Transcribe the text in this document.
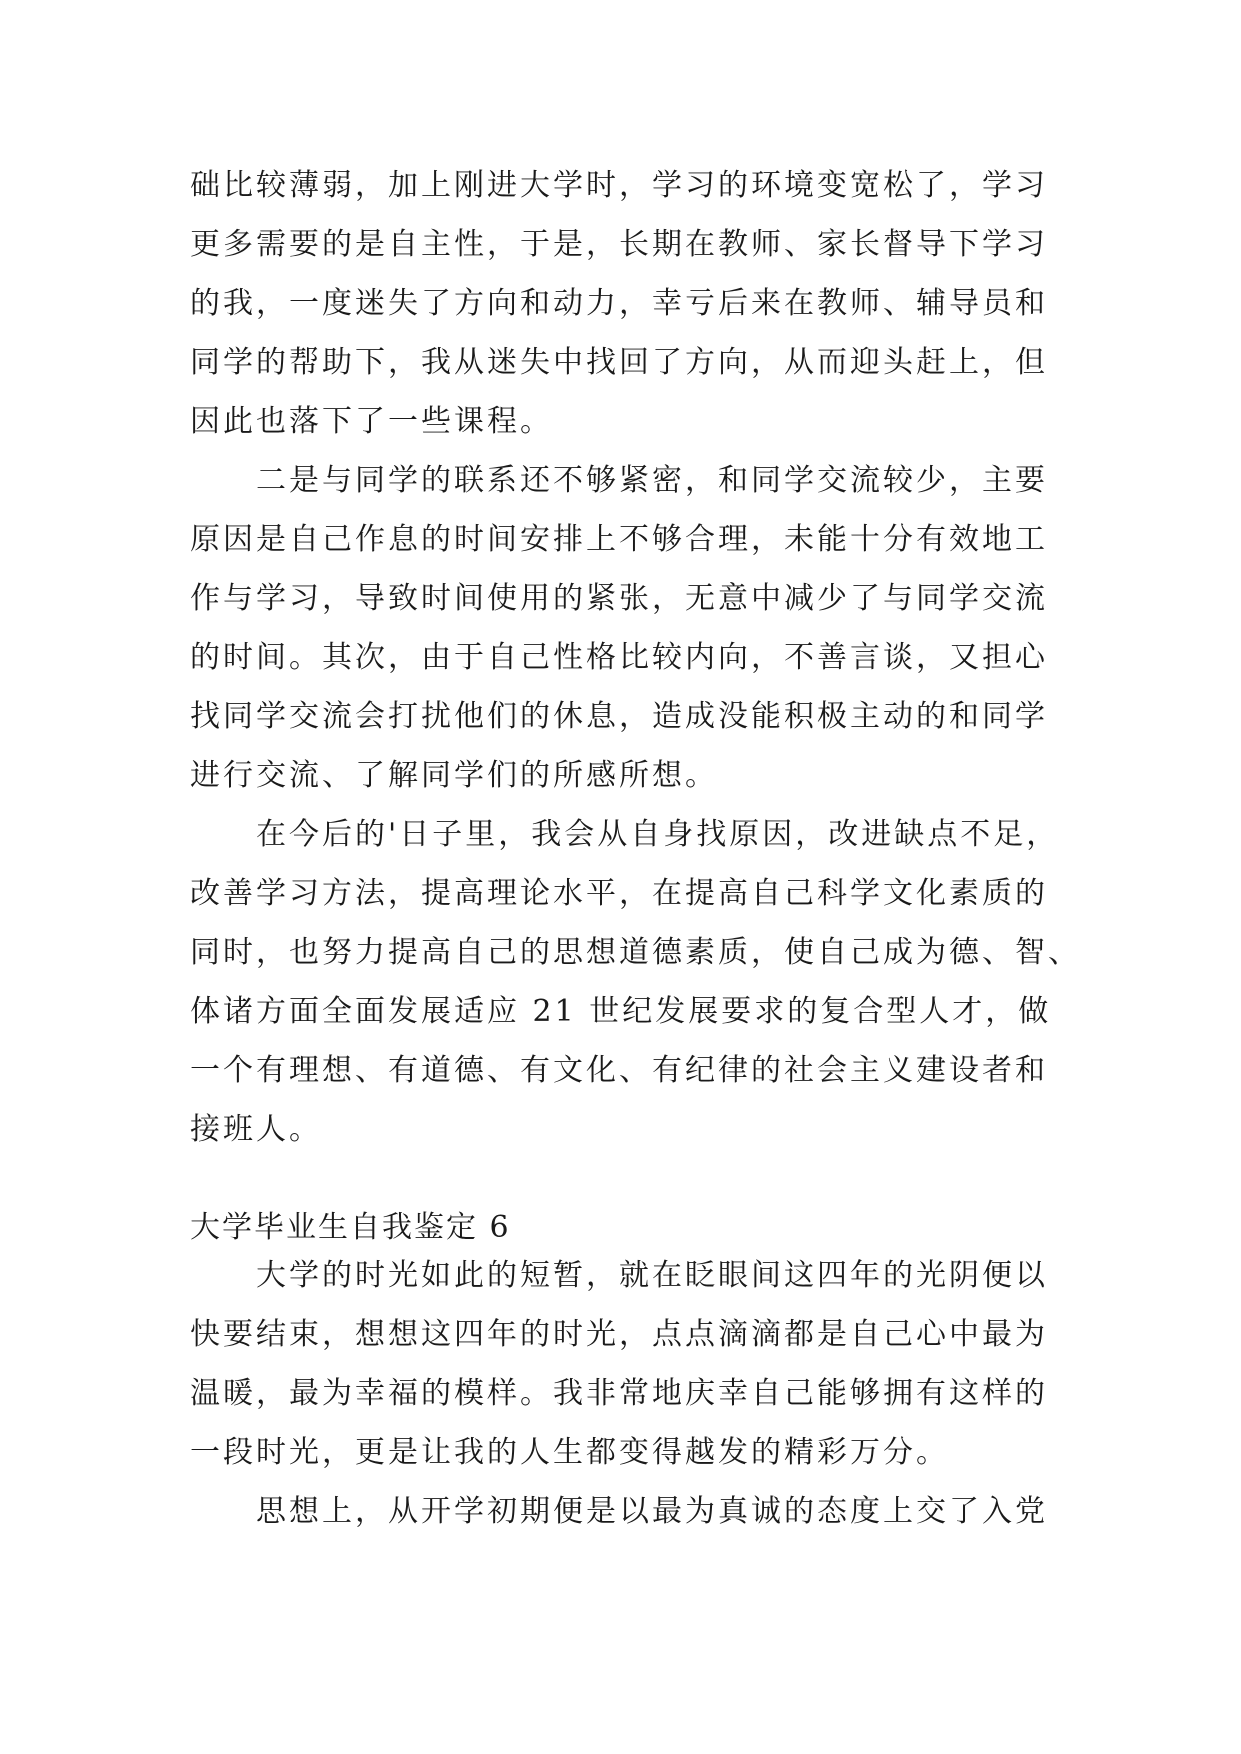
础比较薄弱，加上刚进大学时，学习的环境变宽松了，学习
更多需要的是自主性，于是，长期在教师、家长督导下学习
的我，一度迷失了方向和动力，幸亏后来在教师、辅导员和
同学的帮助下，我从迷失中找回了方向，从而迎头赶上，但
因此也落下了一些课程。
　　二是与同学的联系还不够紧密，和同学交流较少，主要
原因是自己作息的时间安排上不够合理，未能十分有效地工
作与学习，导致时间使用的紧张，无意中减少了与同学交流
的时间。其次，由于自己性格比较内向，不善言谈，又担心
找同学交流会打扰他们的休息，造成没能积极主动的和同学
进行交流、了解同学们的所感所想。
　　在今后的'日子里，我会从自身找原因，改进缺点不足，
改善学习方法，提高理论水平，在提高自己科学文化素质的
同时，也努力提高自己的思想道德素质，使自己成为德、智、
体诸方面全面发展适应 21 世纪发展要求的复合型人才，做
一个有理想、有道德、有文化、有纪律的社会主义建设者和
接班人。
大学毕业生自我鉴定 6
　　大学的时光如此的短暂，就在眨眼间这四年的光阴便以
快要结束，想想这四年的时光，点点滴滴都是自己心中最为
温暖，最为幸福的模样。我非常地庆幸自己能够拥有这样的
一段时光，更是让我的人生都变得越发的精彩万分。
　　思想上，从开学初期便是以最为真诚的态度上交了入党
